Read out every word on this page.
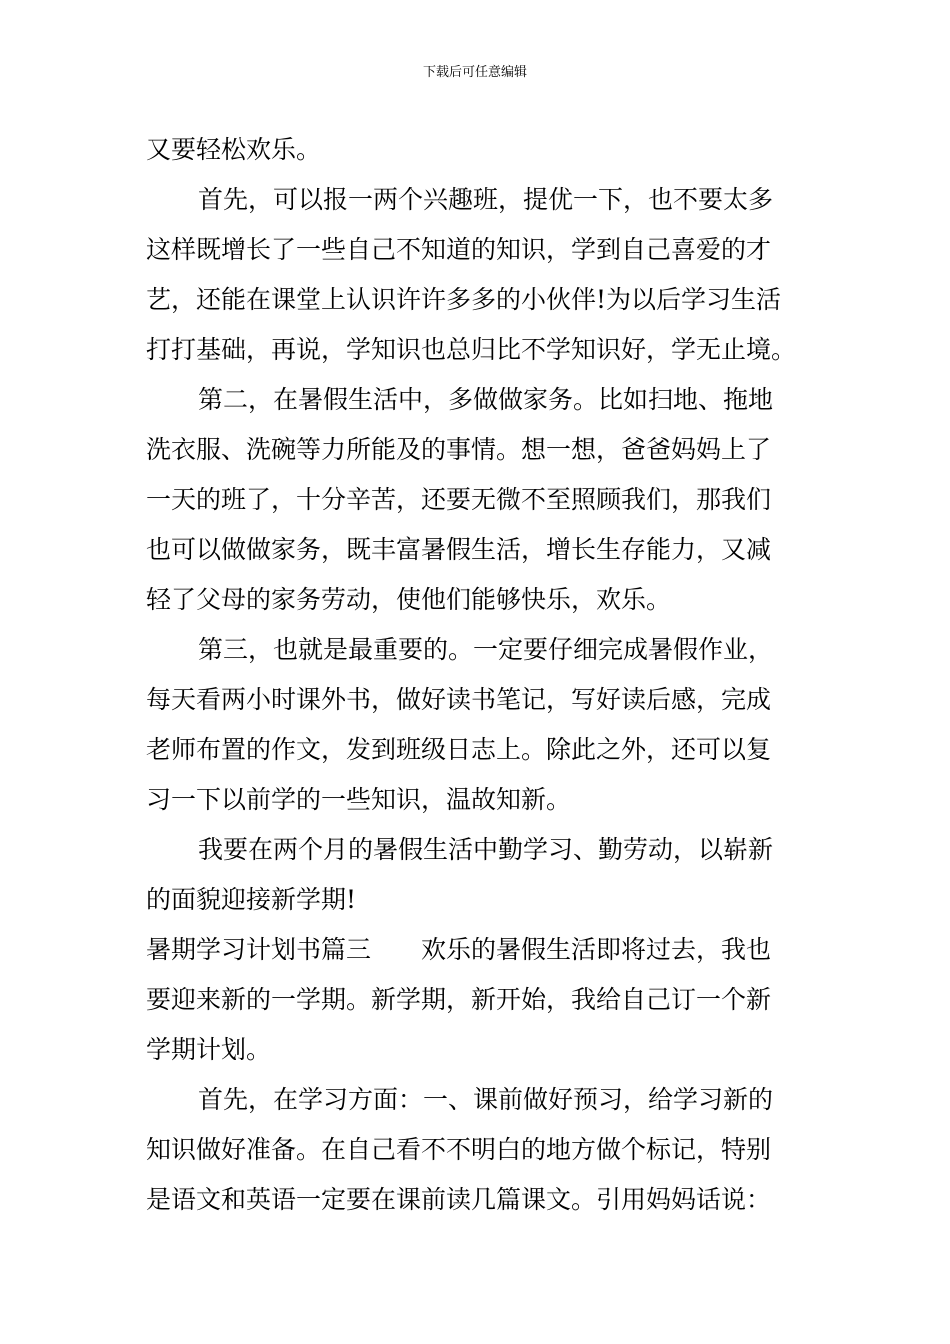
下载后可任意编辑

又要轻松欢乐。

首先，可以报一两个兴趣班，提优一下，也不要太多

这样既增长了一些自己不知道的知识，学到自己喜爱的才

艺，还能在课堂上认识许许多多的小伙伴!为以后学习生活

打打基础，再说，学知识也总归比不学知识好，学无止境。

第二，在暑假生活中，多做做家务。比如扫地、拖地

洗衣服、洗碗等力所能及的事情。想一想，爸爸妈妈上了

一天的班了，十分辛苦，还要无微不至照顾我们，那我们

也可以做做家务，既丰富暑假生活，增长生存能力，又减

轻了父母的家务劳动，使他们能够快乐，欢乐。

第三，也就是最重要的。一定要仔细完成暑假作业，

每天看两小时课外书，做好读书笔记，写好读后感，完成

老师布置的作文，发到班级日志上。除此之外，还可以复

习一下以前学的一些知识，温故知新。

我要在两个月的暑假生活中勤学习、勤劳动，以崭新

的面貌迎接新学期!

暑期学习计划书篇三 欢乐的暑假生活即将过去，我也

要迎来新的一学期。新学期，新开始，我给自己订一个新

学期计划。

首先，在学习方面：一、课前做好预习，给学习新的

知识做好准备。在自己看不不明白的地方做个标记，特别

是语文和英语一定要在课前读几篇课文。引用妈妈话说：
